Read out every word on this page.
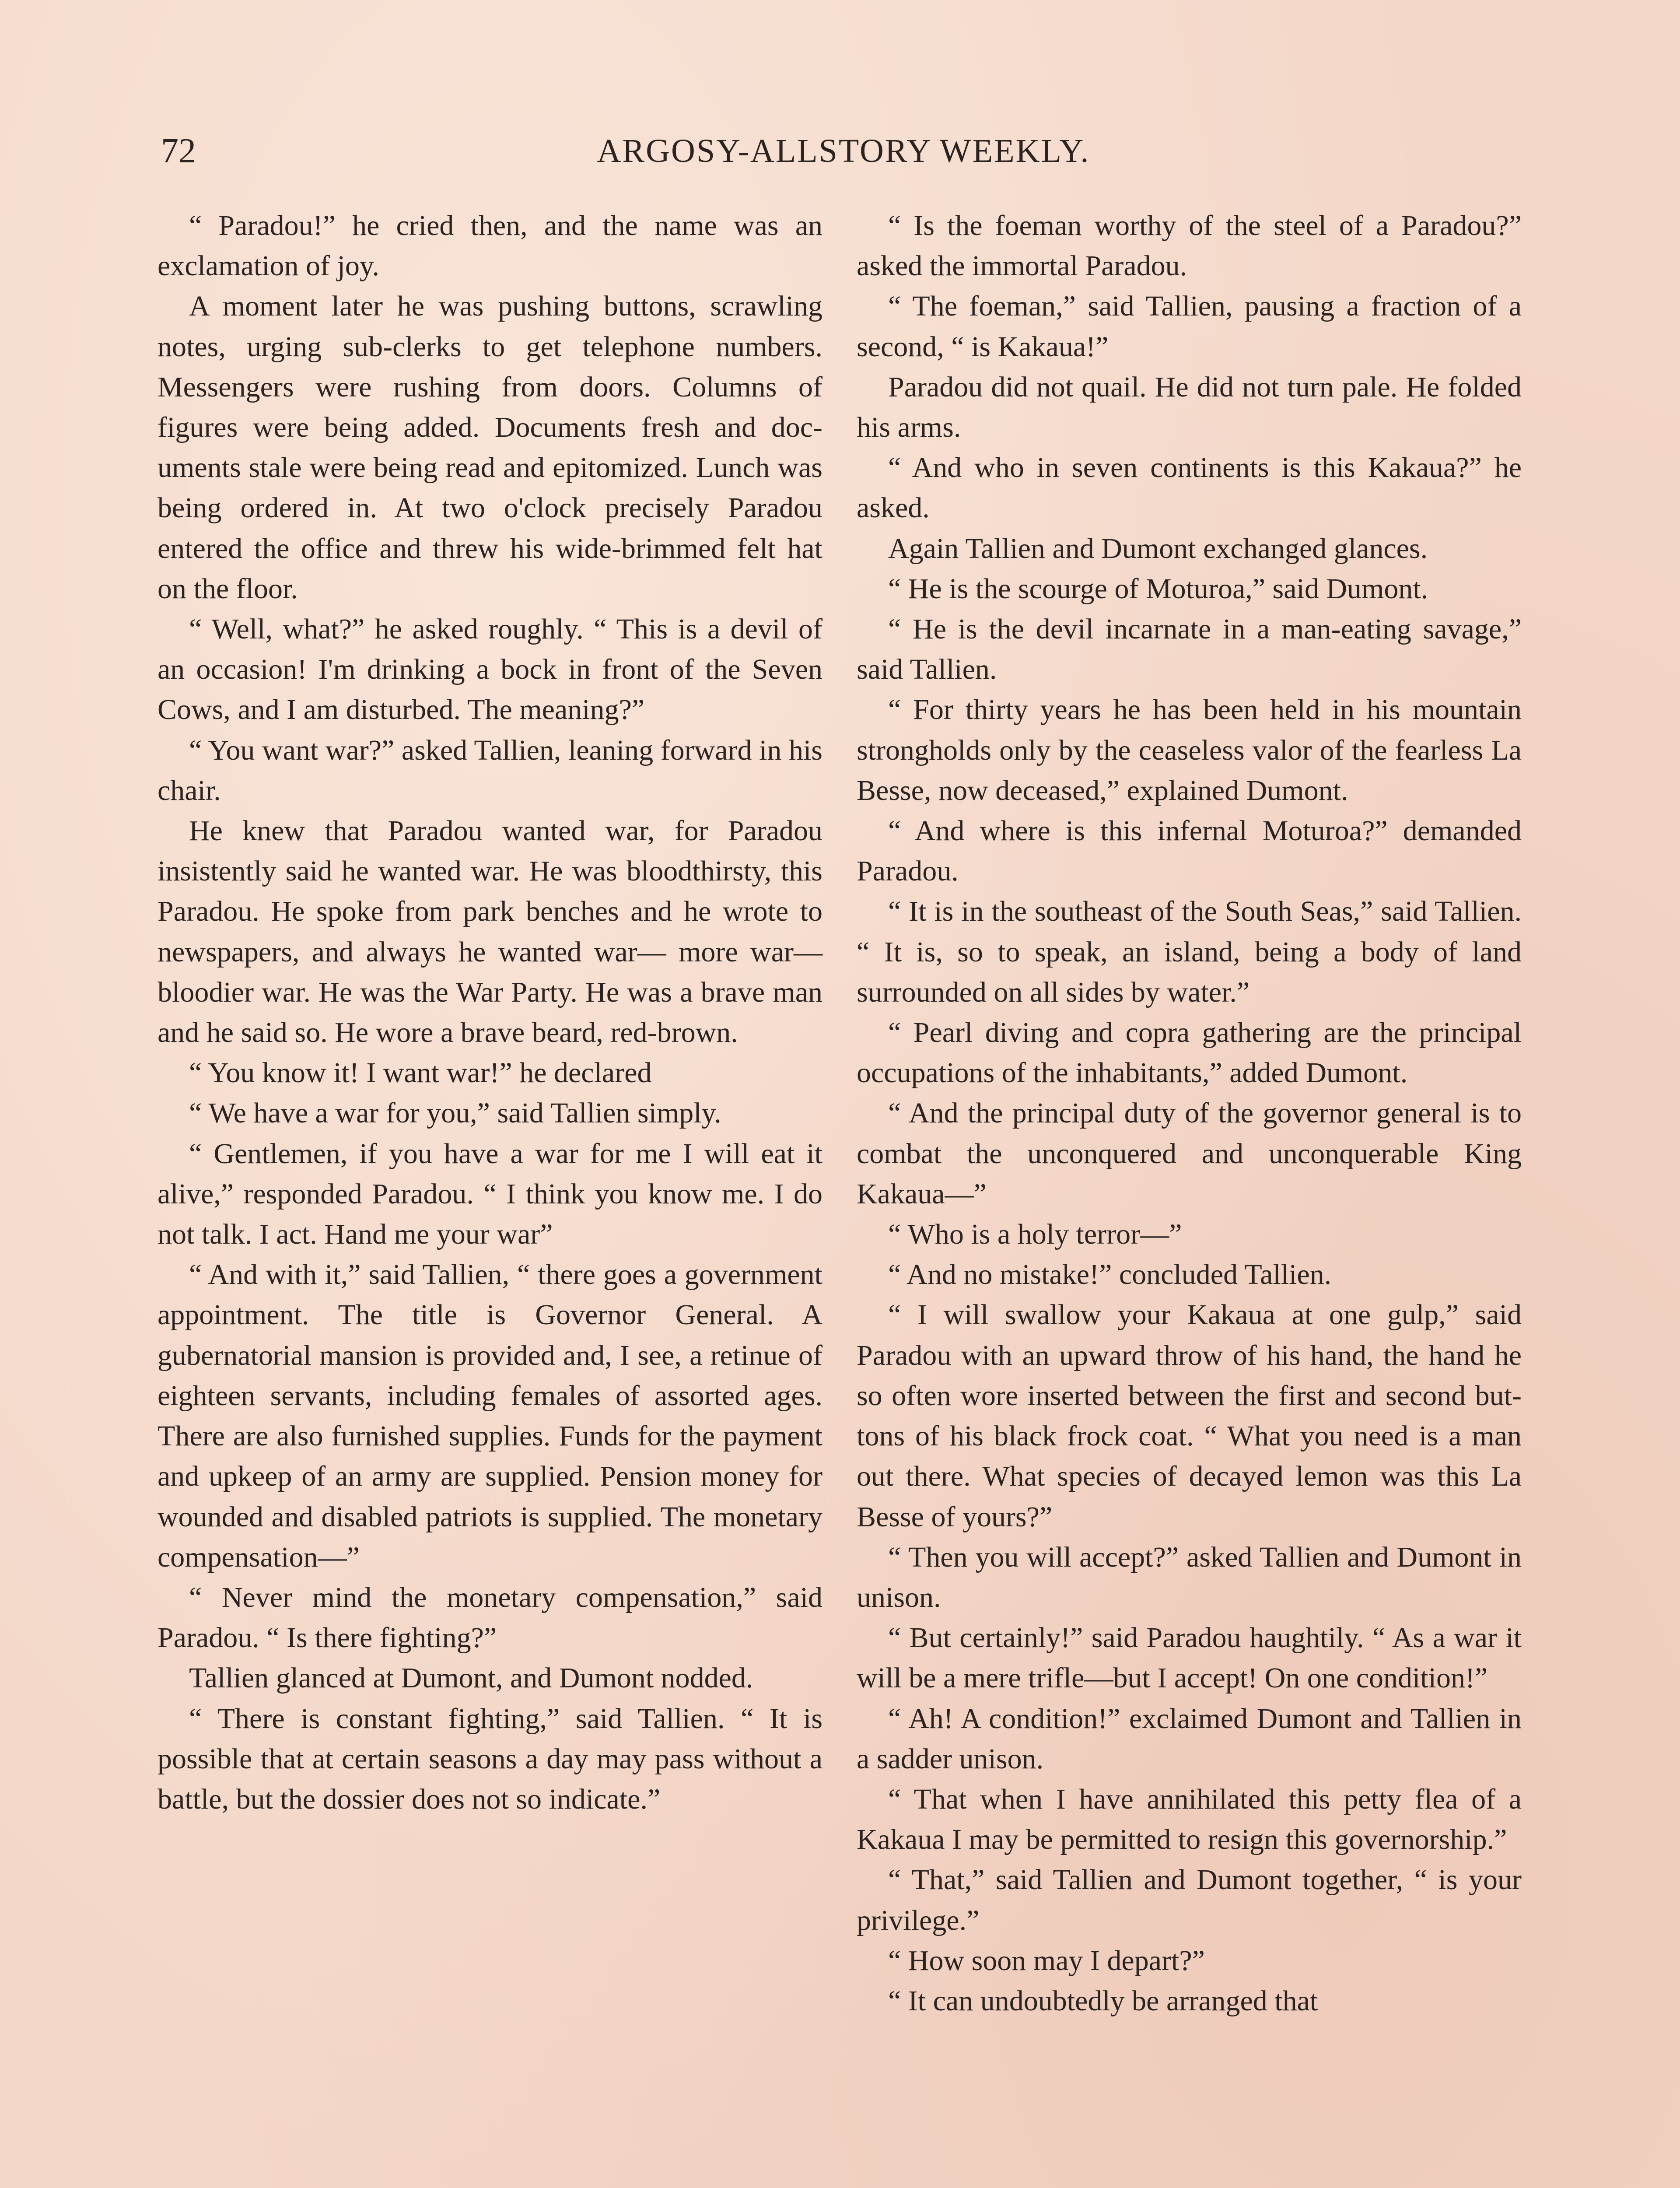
72	ARGOSY-ALLSTORY WEEKLY.

“ Paradou!” he cried then, and the name was an exclamation of joy.

A moment later he was pushing buttons, scrawling notes, urging sub-clerks to get telephone numbers. Messengers were rushing from doors. Columns of figures were being added. Documents fresh and documents stale were being read and epitomized. Lunch was being ordered in. At two o'clock precisely Paradou entered the office and threw his wide-brimmed felt hat on the floor.

“ Well, what?” he asked roughly. “ This is a devil of an occasion! I'm drinking a bock in front of the Seven Cows, and I am disturbed. The meaning?”

“ You want war?” asked Tallien, leaning forward in his chair.

He knew that Paradou wanted war, for Paradou insistently said he wanted war. He was bloodthirsty, this Paradou. He spoke from park benches and he wrote to newspapers, and always he wanted war— more war—bloodier war. He was the War Party. He was a brave man and he said so. He wore a brave beard, red-brown.

“ You know it! I want war!” he declared

“ We have a war for you,” said Tallien simply.

“ Gentlemen, if you have a war for me I will eat it alive,” responded Paradou. “ I think you know me. I do not talk. I act. Hand me your war”

“ And with it,” said Tallien, “ there goes a government appointment. The title is Governor General. A gubernatorial mansion is provided and, I see, a retinue of eighteen servants, including females of assorted ages. There are also furnished supplies. Funds for the payment and upkeep of an army are supplied. Pension money for wounded and disabled patriots is supplied. The monetary compensation—”

“ Never mind the monetary compensation,” said Paradou. “ Is there fighting?”

Tallien glanced at Dumont, and Dumont nodded.

“ There is constant fighting,” said Tallien. “ It is possible that at certain seasons a day may pass without a battle, but the dossier does not so indicate.”

“ Is the foeman worthy of the steel of a Paradou?” asked the immortal Paradou.

“ The foeman,” said Tallien, pausing a fraction of a second, “ is Kakaua!”

Paradou did not quail. He did not turn pale. He folded his arms.

“ And who in seven continents is this Kakaua?” he asked.

Again Tallien and Dumont exchanged glances.

“ He is the scourge of Moturoa,” said Dumont.

“ He is the devil incarnate in a man-eating savage,” said Tallien.

“ For thirty years he has been held in his mountain strongholds only by the ceaseless valor of the fearless La Besse, now deceased,” explained Dumont.

“ And where is this infernal Moturoa?” demanded Paradou.

“ It is in the southeast of the South Seas,” said Tallien. “ It is, so to speak, an island, being a body of land surrounded on all sides by water.”

“ Pearl diving and copra gathering are the principal occupations of the inhabitants,” added Dumont.

“ And the principal duty of the governor general is to combat the unconquered and unconquerable King Kakaua—”

“ Who is a holy terror—”

“ And no mistake!” concluded Tallien.

“ I will swallow your Kakaua at one gulp,” said Paradou with an upward throw of his hand, the hand he so often wore inserted between the first and second buttons of his black frock coat. “ What you need is a man out there. What species of decayed lemon was this La Besse of yours?”

“ Then you will accept?” asked Tallien and Dumont in unison.

“ But certainly!” said Paradou haughtily. “ As a war it will be a mere trifle—but I accept! On one condition!”

“ Ah! A condition!” exclaimed Dumont and Tallien in a sadder unison.

“ That when I have annihilated this petty flea of a Kakaua I may be permitted to resign this governorship.”

“ That,” said Tallien and Dumont together, “ is your privilege.”

“ How soon may I depart?”

“ It can undoubtedly be arranged that
